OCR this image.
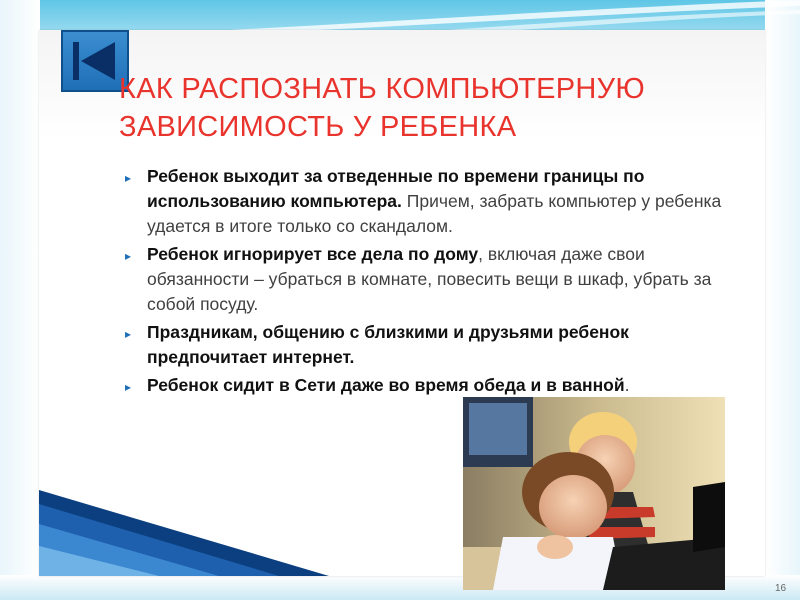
КАК РАСПОЗНАТЬ КОМПЬЮТЕРНУЮ
ЗАВИСИМОСТЬ У РЕБЕНКА
▸ Ребенок выходит за отведенные по времени границы по использованию компьютера. Причем, забрать компьютер у ребенка удается в итоге только со скандалом.
▸ Ребенок игнорирует все дела по дому, включая даже свои обязанности – убраться в комнате, повесить вещи в шкаф, убрать за собой посуду.
▸ Праздникам, общению с близкими и друзьями ребенок предпочитает интернет.
▸ Ребенок сидит в Сети даже во время обеда и в ванной.
16
